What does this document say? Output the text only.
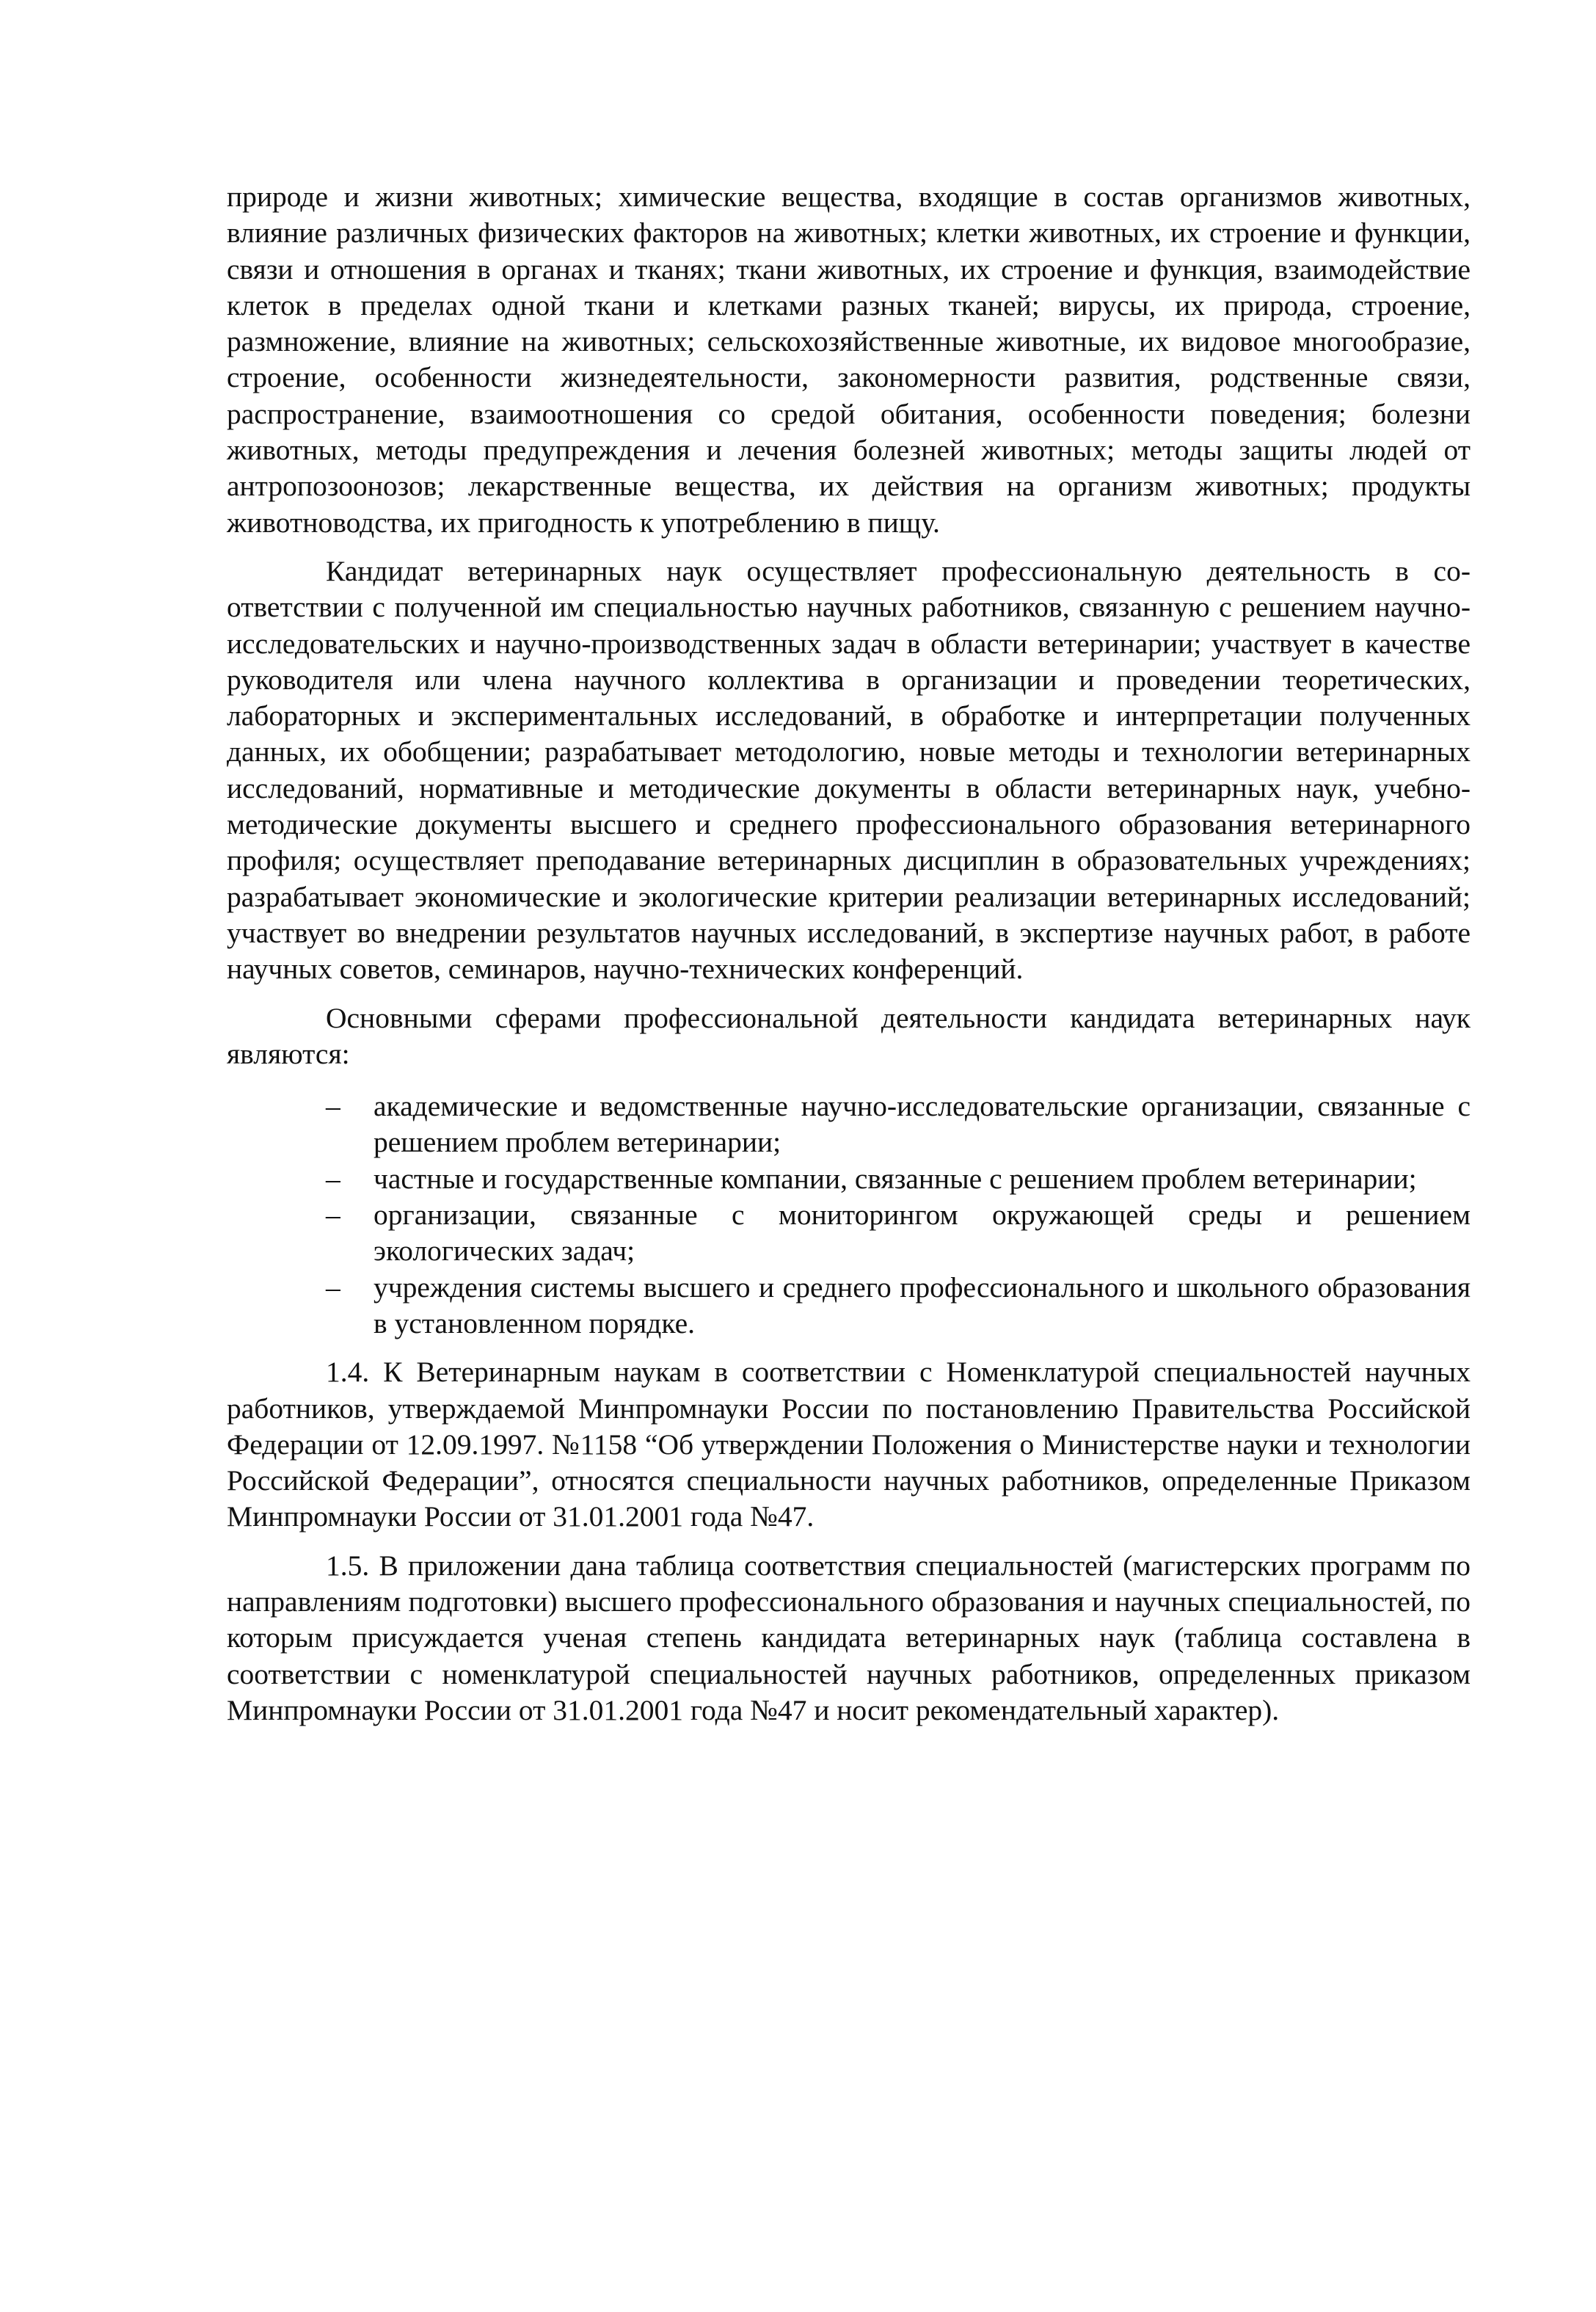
природе и жизни животных; химические вещества, входящие в состав организмов животных, влияние различных физических факторов на животных; клетки животных, их строение и функции, связи и отношения в органах и тканях; ткани животных, их строение и функция, взаимодействие клеток в пределах одной ткани и клетками разных тканей; вирусы, их природа, строение, размножение, влияние на животных; сельскохозяйственные животные, их видовое многообразие, строение, особенности жизнедеятельности, закономерности развития, родственные связи, распространение, взаимоотношения со средой обитания, особенности поведения; болезни животных, методы предупреждения и лечения болезней животных; методы защиты людей от антропозоонозов; лекарственные вещества, их действия на организм животных; продукты животноводства, их пригодность к употреблению в пищу.

Кандидат ветеринарных наук осуществляет профессиональную деятельность в соответствии с полученной им специальностью научных работников, связанную с решением научно-исследовательских и научно-производственных задач в области ветеринарии; участвует в качестве руководителя или члена научного коллектива в организации и проведении теоретических, лабораторных и экспериментальных исследований, в обработке и интерпретации полученных данных, их обобщении; разрабатывает методологию, новые методы и технологии ветеринарных исследований, нормативные и методические документы в области ветеринарных наук, учебно-методические документы высшего и среднего профессионального образования ветеринарного профиля; осуществляет преподавание ветеринарных дисциплин в образовательных учреждениях; разрабатывает экономические и экологические критерии реализации ветеринарных исследований; участвует во внедрении результатов научных исследований, в экспертизе научных работ, в работе научных советов, семинаров, научно-технических конференций.

Основными сферами профессиональной деятельности кандидата ветеринарных наук являются:

– академические и ведомственные научно-исследовательские организации, связанные с решением проблем ветеринарии;
– частные и государственные компании, связанные с решением проблем ветеринарии;
– организации, связанные с мониторингом окружающей среды и решением экологических задач;
– учреждения системы высшего и среднего профессионального и школьного образования в установленном порядке.

1.4. К Ветеринарным наукам в соответствии с Номенклатурой специальностей научных работников, утверждаемой Минпромнауки России по постановлению Правительства Российской Федерации от 12.09.1997. №1158 “Об утверждении Положения о Министерстве науки и технологии Российской Федерации”, относятся специальности научных работников, определенные Приказом Минпромнауки России от 31.01.2001 года №47.

1.5. В приложении дана таблица соответствия специальностей (магистерских программ по направлениям подготовки) высшего профессионального образования и научных специальностей, по которым присуждается ученая степень кандидата ветеринарных наук (таблица составлена в соответствии с номенклатурой специальностей научных работников, определенных приказом Минпромнауки России от 31.01.2001 года №47 и носит рекомендательный характер).
